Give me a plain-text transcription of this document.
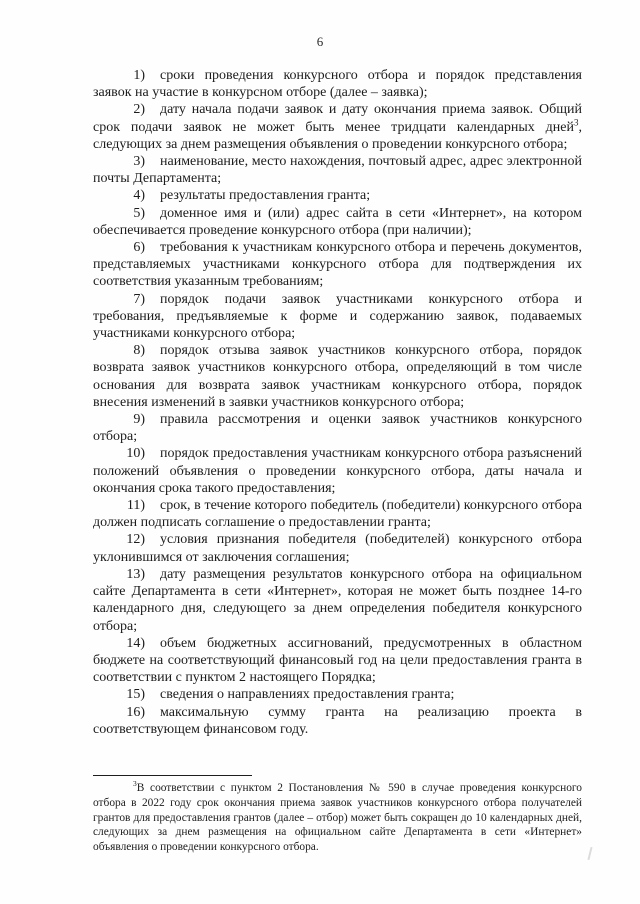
6

1) сроки проведения конкурсного отбора и порядок представления заявок на участие в конкурсном отборе (далее – заявка);

2) дату начала подачи заявок и дату окончания приема заявок. Общий срок подачи заявок не может быть менее тридцати календарных дней$^3$, следующих за днем размещения объявления о проведении конкурсного отбора;

3) наименование, место нахождения, почтовый адрес, адрес электронной почты Департамента;

4) результаты предоставления гранта;

5) доменное имя и (или) адрес сайта в сети «Интернет», на котором обеспечивается проведение конкурсного отбора (при наличии);

6) требования к участникам конкурсного отбора и перечень документов, представляемых участниками конкурсного отбора для подтверждения их соответствия указанным требованиям;

7) порядок подачи заявок участниками конкурсного отбора и требования, предъявляемые к форме и содержанию заявок, подаваемых участниками конкурсного отбора;

8) порядок отзыва заявок участников конкурсного отбора, порядок возврата заявок участников конкурсного отбора, определяющий в том числе основания для возврата заявок участникам конкурсного отбора, порядок внесения изменений в заявки участников конкурсного отбора;

9) правила рассмотрения и оценки заявок участников конкурсного отбора;

10) порядок предоставления участникам конкурсного отбора разъяснений положений объявления о проведении конкурсного отбора, даты начала и окончания срока такого предоставления;

11) срок, в течение которого победитель (победители) конкурсного отбора должен подписать соглашение о предоставлении гранта;

12) условия признания победителя (победителей) конкурсного отбора уклонившимся от заключения соглашения;

13) дату размещения результатов конкурсного отбора на официальном сайте Департамента в сети «Интернет», которая не может быть позднее 14-го календарного дня, следующего за днем определения победителя конкурсного отбора;

14) объем бюджетных ассигнований, предусмотренных в областном бюджете на соответствующий финансовый год на цели предоставления гранта в соответствии с пунктом 2 настоящего Порядка;

15) сведения о направлениях предоставления гранта;

16) максимальную сумму гранта на реализацию проекта в соответствующем финансовом году.

$^3$В соответствии с пунктом 2 Постановления № 590 в случае проведения конкурсного отбора в 2022 году срок окончания приема заявок участников конкурсного отбора получателей грантов для предоставления грантов (далее – отбор) может быть сокращен до 10 календарных дней, следующих за днем размещения на официальном сайте Департамента в сети «Интернет» объявления о проведении конкурсного отбора.
